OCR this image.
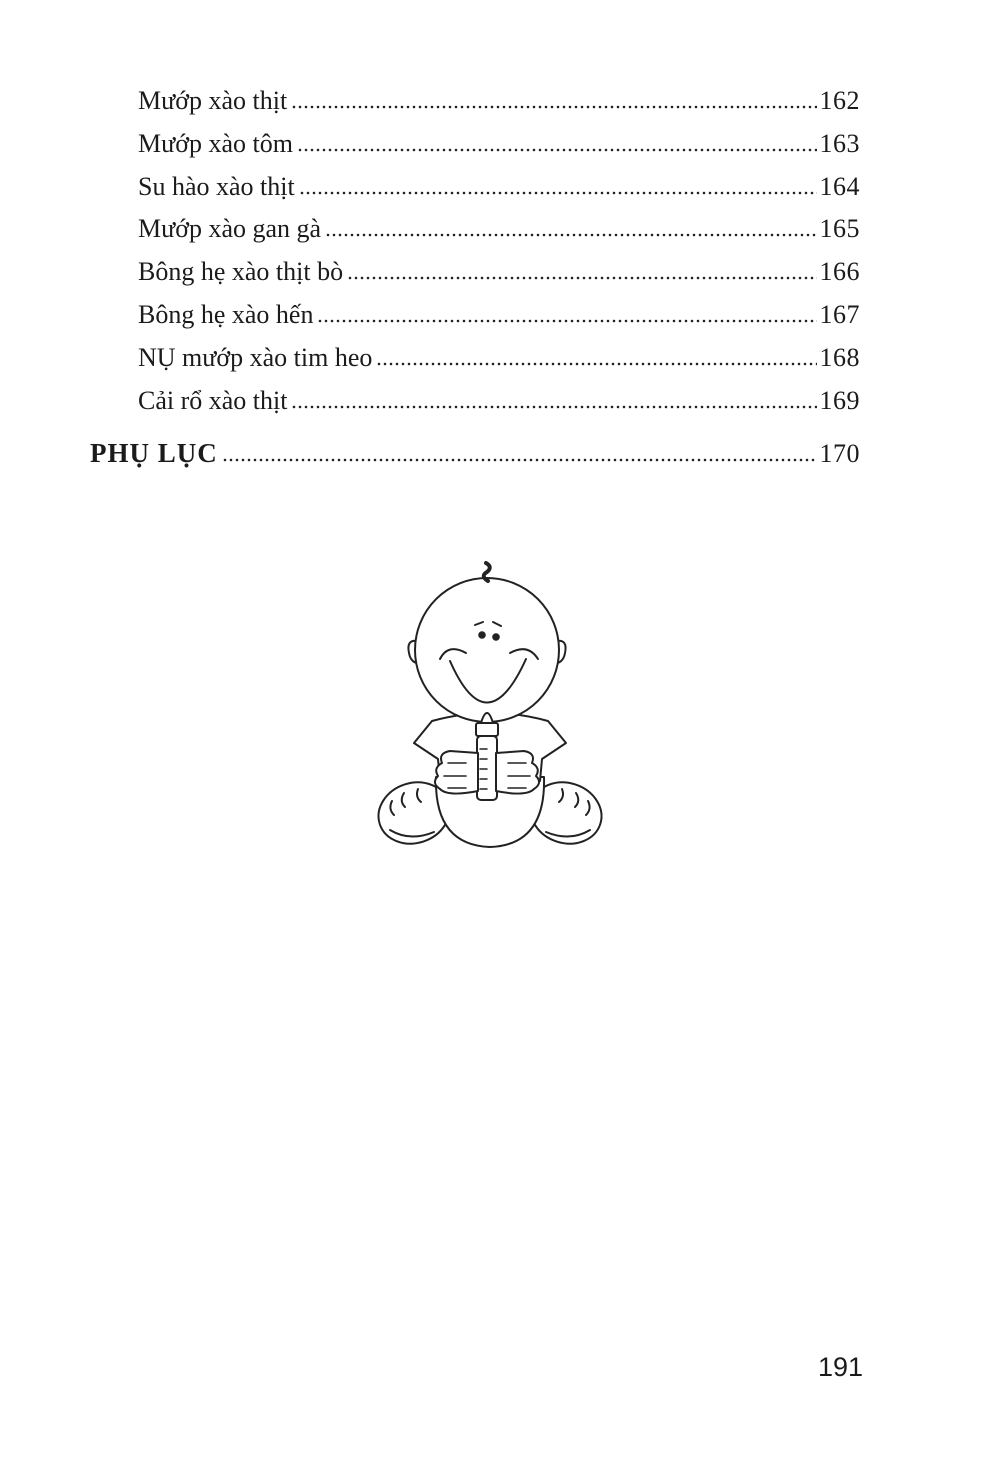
Mướp xào thịt	162
Mướp xào tôm	163
Su hào xào thịt	164
Mướp xào gan gà	165
Bông hẹ xào thịt bò	166
Bông hẹ xào hến	167
NỤ mướp xào tim heo	168
Cải rổ xào thịt	169
PHỤ LỤC	170
191
